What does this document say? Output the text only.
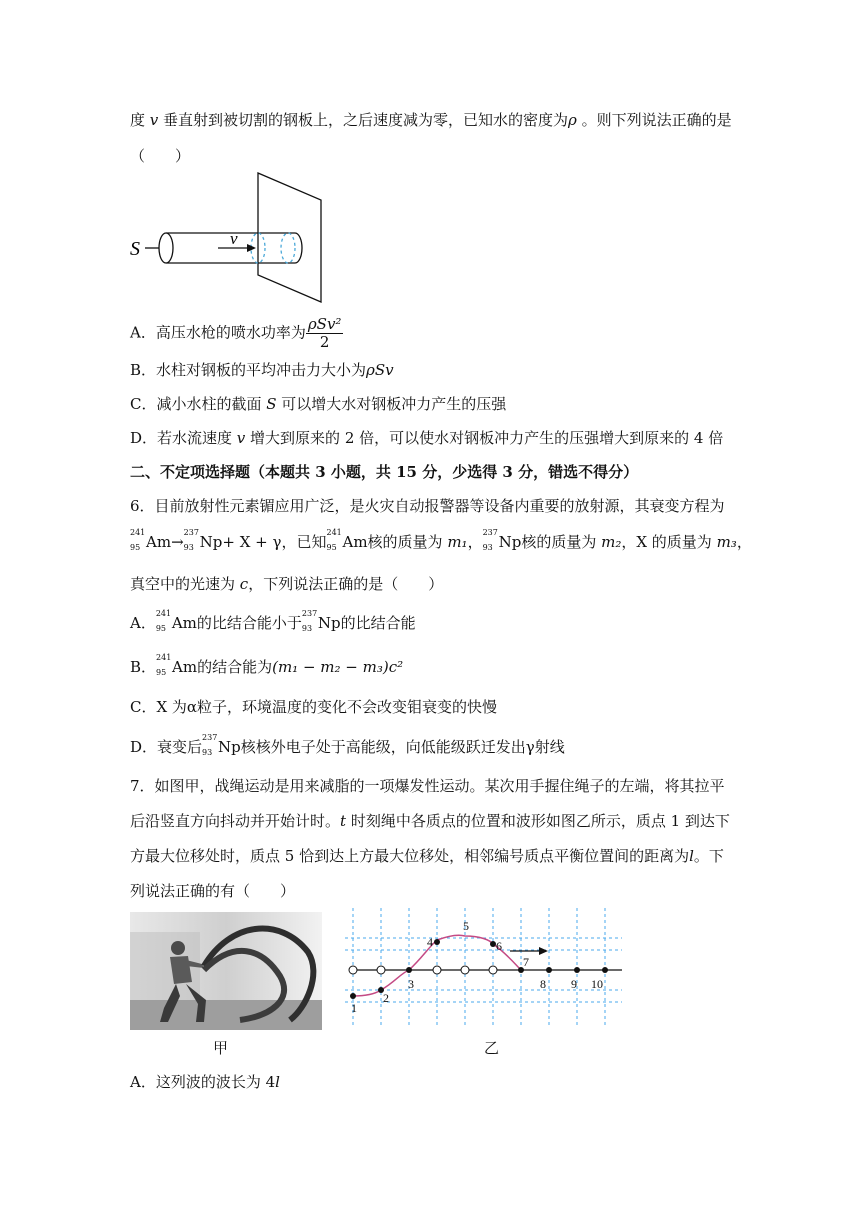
度 v 垂直射到被切割的钢板上，之后速度减为零，已知水的密度为ρ 。则下列说法正确的是
（　　）
S	v
A．高压水枪的喷水功率为 $\frac{\text{ρSv²}}{2}$
B．水柱对钢板的平均冲击力大小为ρSv
C．减小水柱的截面 S 可以增大水对钢板冲力产生的压强
D．若水流速度 v 增大到原来的 2 倍，可以使水对钢板冲力产生的压强增大到原来的 4 倍
二、不定项选择题（本题共 3 小题，共 15 分，少选得 3 分，错选不得分）
6．目前放射性元素镅应用广泛，是火灾自动报警器等设备内重要的放射源，其衰变方程为
241
95 Am→
237
93 Np+ X + γ，已知
241
95 Am核的质量为 m₁，
237
93 Np核的质量为 m₂，X 的质量为 m₃，
真空中的光速为 c，下列说法正确的是（　　）
A．
241
95 Am的比结合能小于
237
93 Np的比结合能
B．
241
95 Am的结合能为(m₁ − m₂ − m₃)c²
C．X 为α粒子，环境温度的变化不会改变钼衰变的快慢
D．衰变后
237
93 Np核核外电子处于高能级，向低能级跃迁发出γ射线
7．如图甲，战绳运动是用来减脂的一项爆发性运动。某次用手握住绳子的左端，将其拉平
后沿竖直方向抖动并开始计时。t 时刻绳中各质点的位置和波形如图乙所示，质点 1 到达下
方最大位移处时，质点 5 恰到达上方最大位移处，相邻编号质点平衡位置间的距离为l。下
列说法正确的有（　　）
甲
1
2
3
4
5
6
7
8 9 10
乙
A．这列波的波长为 4l
